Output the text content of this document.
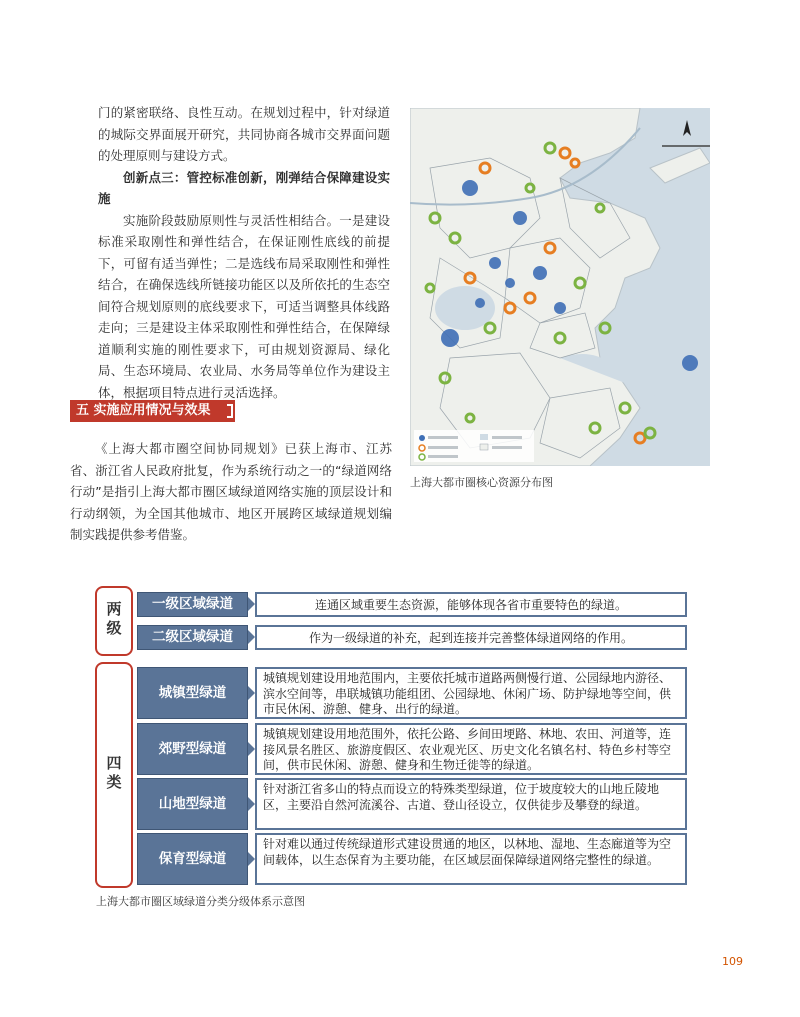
门的紧密联络、良性互动。在规划过程中，针对绿道的城际交界面展开研究，共同协商各城市交界面问题的处理原则与建设方式。

创新点三：管控标准创新，刚弹结合保障建设实施

实施阶段鼓励原则性与灵活性相结合。一是建设标准采取刚性和弹性结合，在保证刚性底线的前提下，可留有适当弹性；二是选线布局采取刚性和弹性结合，在确保选线所链接功能区以及所依托的生态空间符合规划原则的底线要求下，可适当调整具体线路走向；三是建设主体采取刚性和弹性结合，在保障绿道顺利实施的刚性要求下，可由规划资源局、绿化局、生态环境局、农业局、水务局等单位作为建设主体，根据项目特点进行灵活选择。

五 实施应用情况与效果

《上海大都市圈空间协同规划》已获上海市、江苏省、浙江省人民政府批复，作为系统行动之一的“绿道网络行动”是指引上海大都市圈区域绿道网络实施的顶层设计和行动纲领，为全国其他城市、地区开展跨区域绿道规划编制实践提供参考借鉴。

上海大都市圈核心资源分布图
两级
四类
一级区域绿道	连通区域重要生态资源，能够体现各省市重要特色的绿道。
二级区域绿道	作为一级绿道的补充，起到连接并完善整体绿道网络的作用。
城镇型绿道
城镇规划建设用地范围内，主要依托城市道路两侧慢行道、公园绿地内游径、滨水空间等，串联城镇功能组团、公园绿地、休闲广场、防护绿地等空间，供市民休闲、游憩、健身、出行的绿道。
郊野型绿道
城镇规划建设用地范围外，依托公路、乡间田埂路、林地、农田、河道等，连接风景名胜区、旅游度假区、农业观光区、历史文化名镇名村、特色乡村等空间，供市民休闲、游憩、健身和生物迁徙等的绿道。
山地型绿道
针对浙江省多山的特点而设立的特殊类型绿道，位于坡度较大的山地丘陵地区，主要沿自然河流溪谷、古道、登山径设立，仅供徒步及攀登的绿道。
保育型绿道
针对难以通过传统绿道形式建设贯通的地区，以林地、湿地、生态廊道等为空间载体，以生态保育为主要功能，在区域层面保障绿道网络完整性的绿道。
上海大都市圈区域绿道分类分级体系示意图
109
